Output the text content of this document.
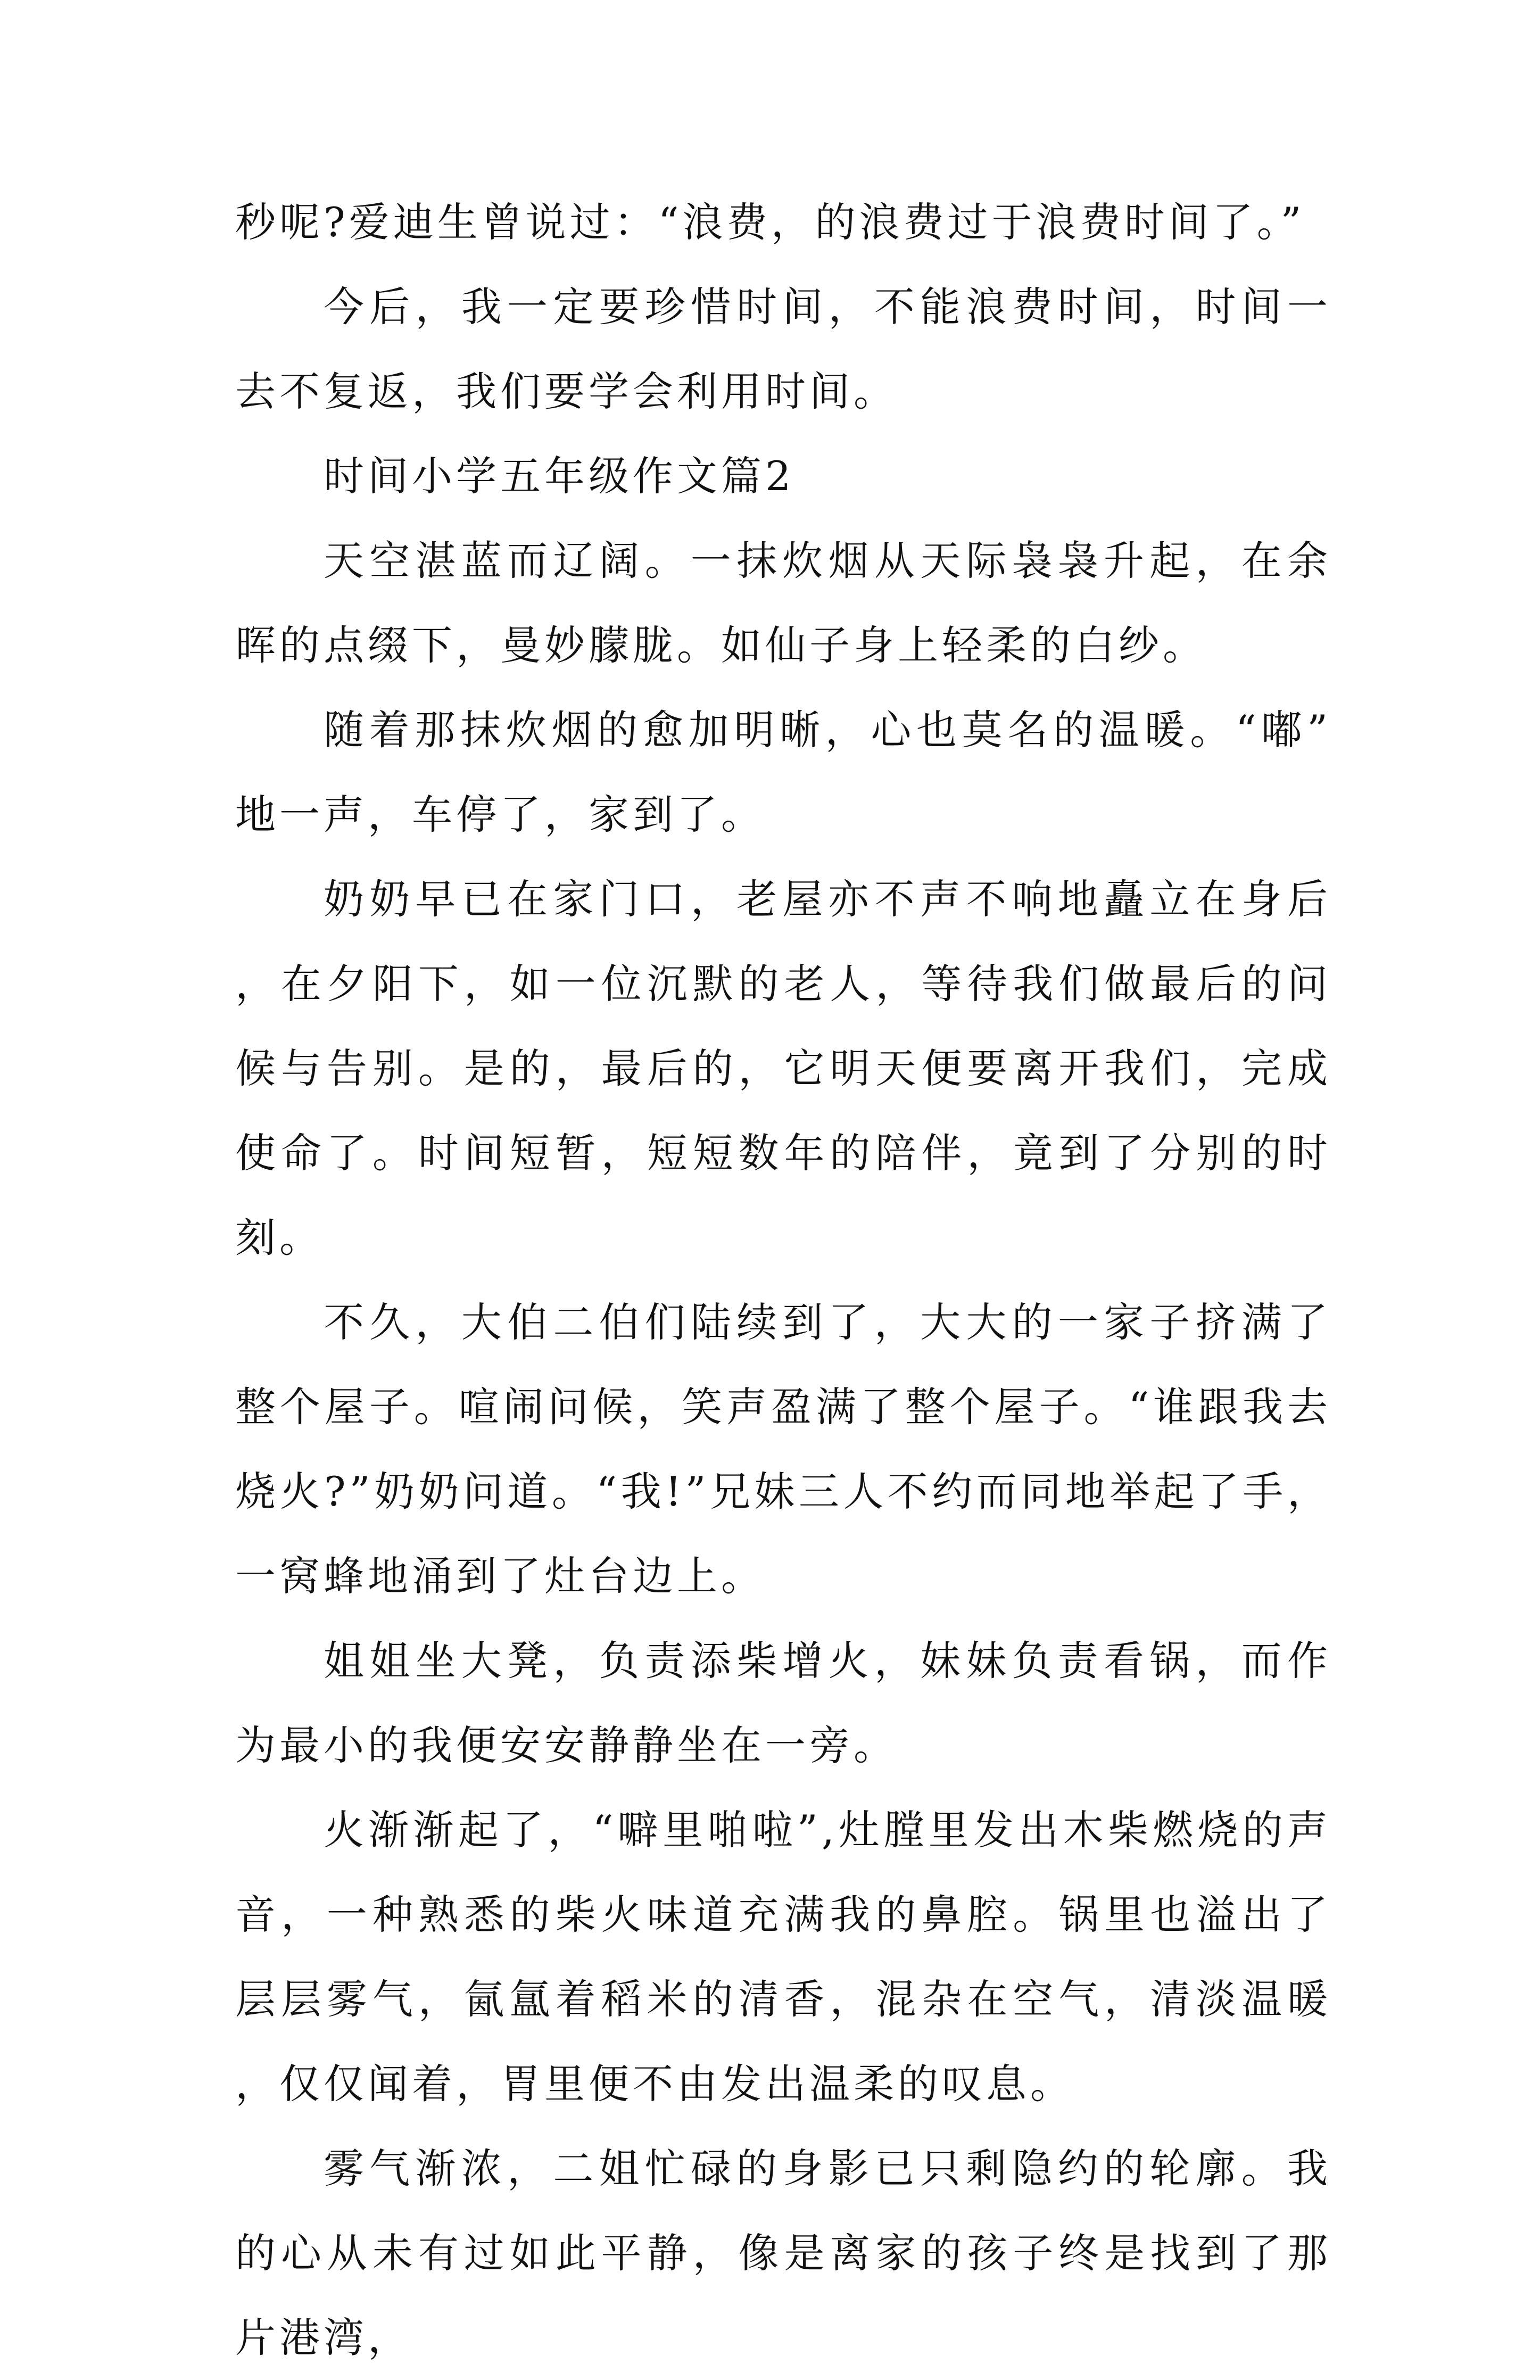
秒呢?爱迪生曾说过：“浪费，的浪费过于浪费时间了。”

今后，我一定要珍惜时间，不能浪费时间，时间一去不复返，我们要学会利用时间。

时间小学五年级作文篇2

天空湛蓝而辽阔。一抹炊烟从天际袅袅升起，在余晖的点缀下，曼妙朦胧。如仙子身上轻柔的白纱。

随着那抹炊烟的愈加明晰，心也莫名的温暖。“嘟”地一声，车停了，家到了。

奶奶早已在家门口，老屋亦不声不响地矗立在身后，在夕阳下，如一位沉默的老人，等待我们做最后的问候与告别。是的，最后的，它明天便要离开我们，完成使命了。时间短暂，短短数年的陪伴，竟到了分别的时刻。

不久，大伯二伯们陆续到了，大大的一家子挤满了整个屋子。喧闹问候，笑声盈满了整个屋子。“谁跟我去烧火?”奶奶问道。“我!”兄妹三人不约而同地举起了手，一窝蜂地涌到了灶台边上。

姐姐坐大凳，负责添柴增火，妹妹负责看锅，而作为最小的我便安安静静坐在一旁。

火渐渐起了，“噼里啪啦”,灶膛里发出木柴燃烧的声音，一种熟悉的柴火味道充满我的鼻腔。锅里也溢出了层层雾气，氤氲着稻米的清香，混杂在空气，清淡温暖，仅仅闻着，胃里便不由发出温柔的叹息。

雾气渐浓，二姐忙碌的身影已只剩隐约的轮廓。我的心从未有过如此平静，像是离家的孩子终是找到了那片港湾，
